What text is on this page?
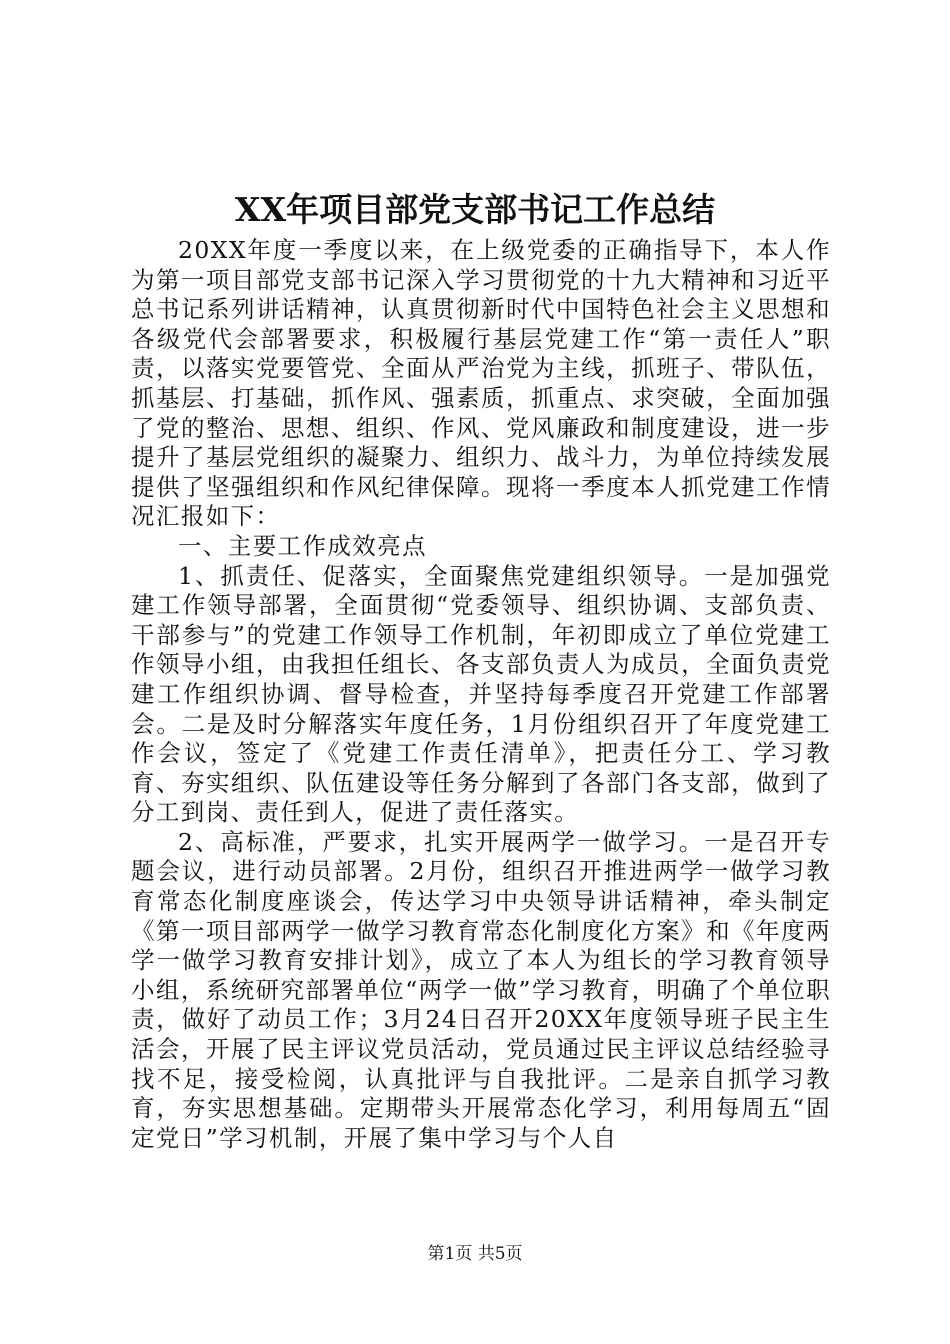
XX年项目部党支部书记工作总结

20XX年度一季度以来，在上级党委的正确指导下，本人作为第一项目部党支部书记深入学习贯彻党的十九大精神和习近平总书记系列讲话精神，认真贯彻新时代中国特色社会主义思想和各级党代会部署要求，积极履行基层党建工作“第一责任人”职责，以落实党要管党、全面从严治党为主线，抓班子、带队伍，抓基层、打基础，抓作风、强素质，抓重点、求突破，全面加强了党的整治、思想、组织、作风、党风廉政和制度建设，进一步提升了基层党组织的凝聚力、组织力、战斗力，为单位持续发展提供了坚强组织和作风纪律保障。现将一季度本人抓党建工作情况汇报如下：

一、主要工作成效亮点

1、抓责任、促落实，全面聚焦党建组织领导。一是加强党建工作领导部署，全面贯彻“党委领导、组织协调、支部负责、干部参与”的党建工作领导工作机制，年初即成立了单位党建工作领导小组，由我担任组长、各支部负责人为成员，全面负责党建工作组织协调、督导检查，并坚持每季度召开党建工作部署会。二是及时分解落实年度任务，1月份组织召开了年度党建工作会议，签定了《党建工作责任清单》，把责任分工、学习教育、夯实组织、队伍建设等任务分解到了各部门各支部，做到了分工到岗、责任到人，促进了责任落实。

2、高标准，严要求，扎实开展两学一做学习。一是召开专题会议，进行动员部署。2月份，组织召开推进两学一做学习教育常态化制度座谈会，传达学习中央领导讲话精神，牵头制定《第一项目部两学一做学习教育常态化制度化方案》和《年度两学一做学习教育安排计划》，成立了本人为组长的学习教育领导小组，系统研究部署单位“两学一做”学习教育，明确了个单位职责，做好了动员工作；3月24日召开20XX年度领导班子民主生活会，开展了民主评议党员活动，党员通过民主评议总结经验寻找不足，接受检阅，认真批评与自我批评。二是亲自抓学习教育，夯实思想基础。定期带头开展常态化学习，利用每周五“固定党日”学习机制，开展了集中学习与个人自

第1页 共5页
